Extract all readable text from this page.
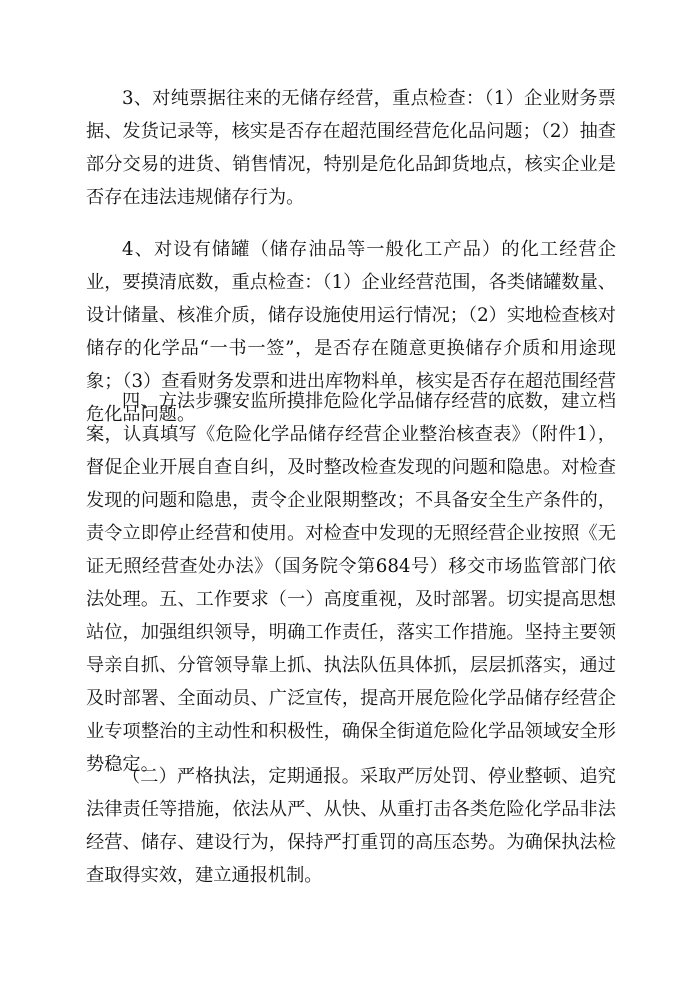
3、对纯票据往来的无储存经营，重点检查：（1）企业财务票据、发货记录等，核实是否存在超范围经营危化品问题；（2）抽查部分交易的进货、销售情况，特别是危化品卸货地点，核实企业是否存在违法违规储存行为。

4、对设有储罐（储存油品等一般化工产品）的化工经营企业，要摸清底数，重点检查：（1）企业经营范围，各类储罐数量、设计储量、核准介质，储存设施使用运行情况；（2）实地检查核对储存的化学品“一书一签”，是否存在随意更换储存介质和用途现象；（3）查看财务发票和进出库物料单，核实是否存在超范围经营危化品问题。

四、方法步骤安监所摸排危险化学品储存经营的底数，建立档案，认真填写《危险化学品储存经营企业整治核查表》（附件1），督促企业开展自查自纠，及时整改检查发现的问题和隐患。对检查发现的问题和隐患，责令企业限期整改；不具备安全生产条件的，责令立即停止经营和使用。对检查中发现的无照经营企业按照《无证无照经营查处办法》（国务院令第684号）移交市场监管部门依法处理。五、工作要求（一）高度重视，及时部署。切实提高思想站位，加强组织领导，明确工作责任，落实工作措施。坚持主要领导亲自抓、分管领导靠上抓、执法队伍具体抓，层层抓落实，通过及时部署、全面动员、广泛宣传，提高开展危险化学品储存经营企业专项整治的主动性和积极性，确保全街道危险化学品领域安全形势稳定。

（二）严格执法，定期通报。采取严厉处罚、停业整顿、追究法律责任等措施，依法从严、从快、从重打击各类危险化学品非法经营、储存、建设行为，保持严打重罚的高压态势。为确保执法检查取得实效，建立通报机制。
